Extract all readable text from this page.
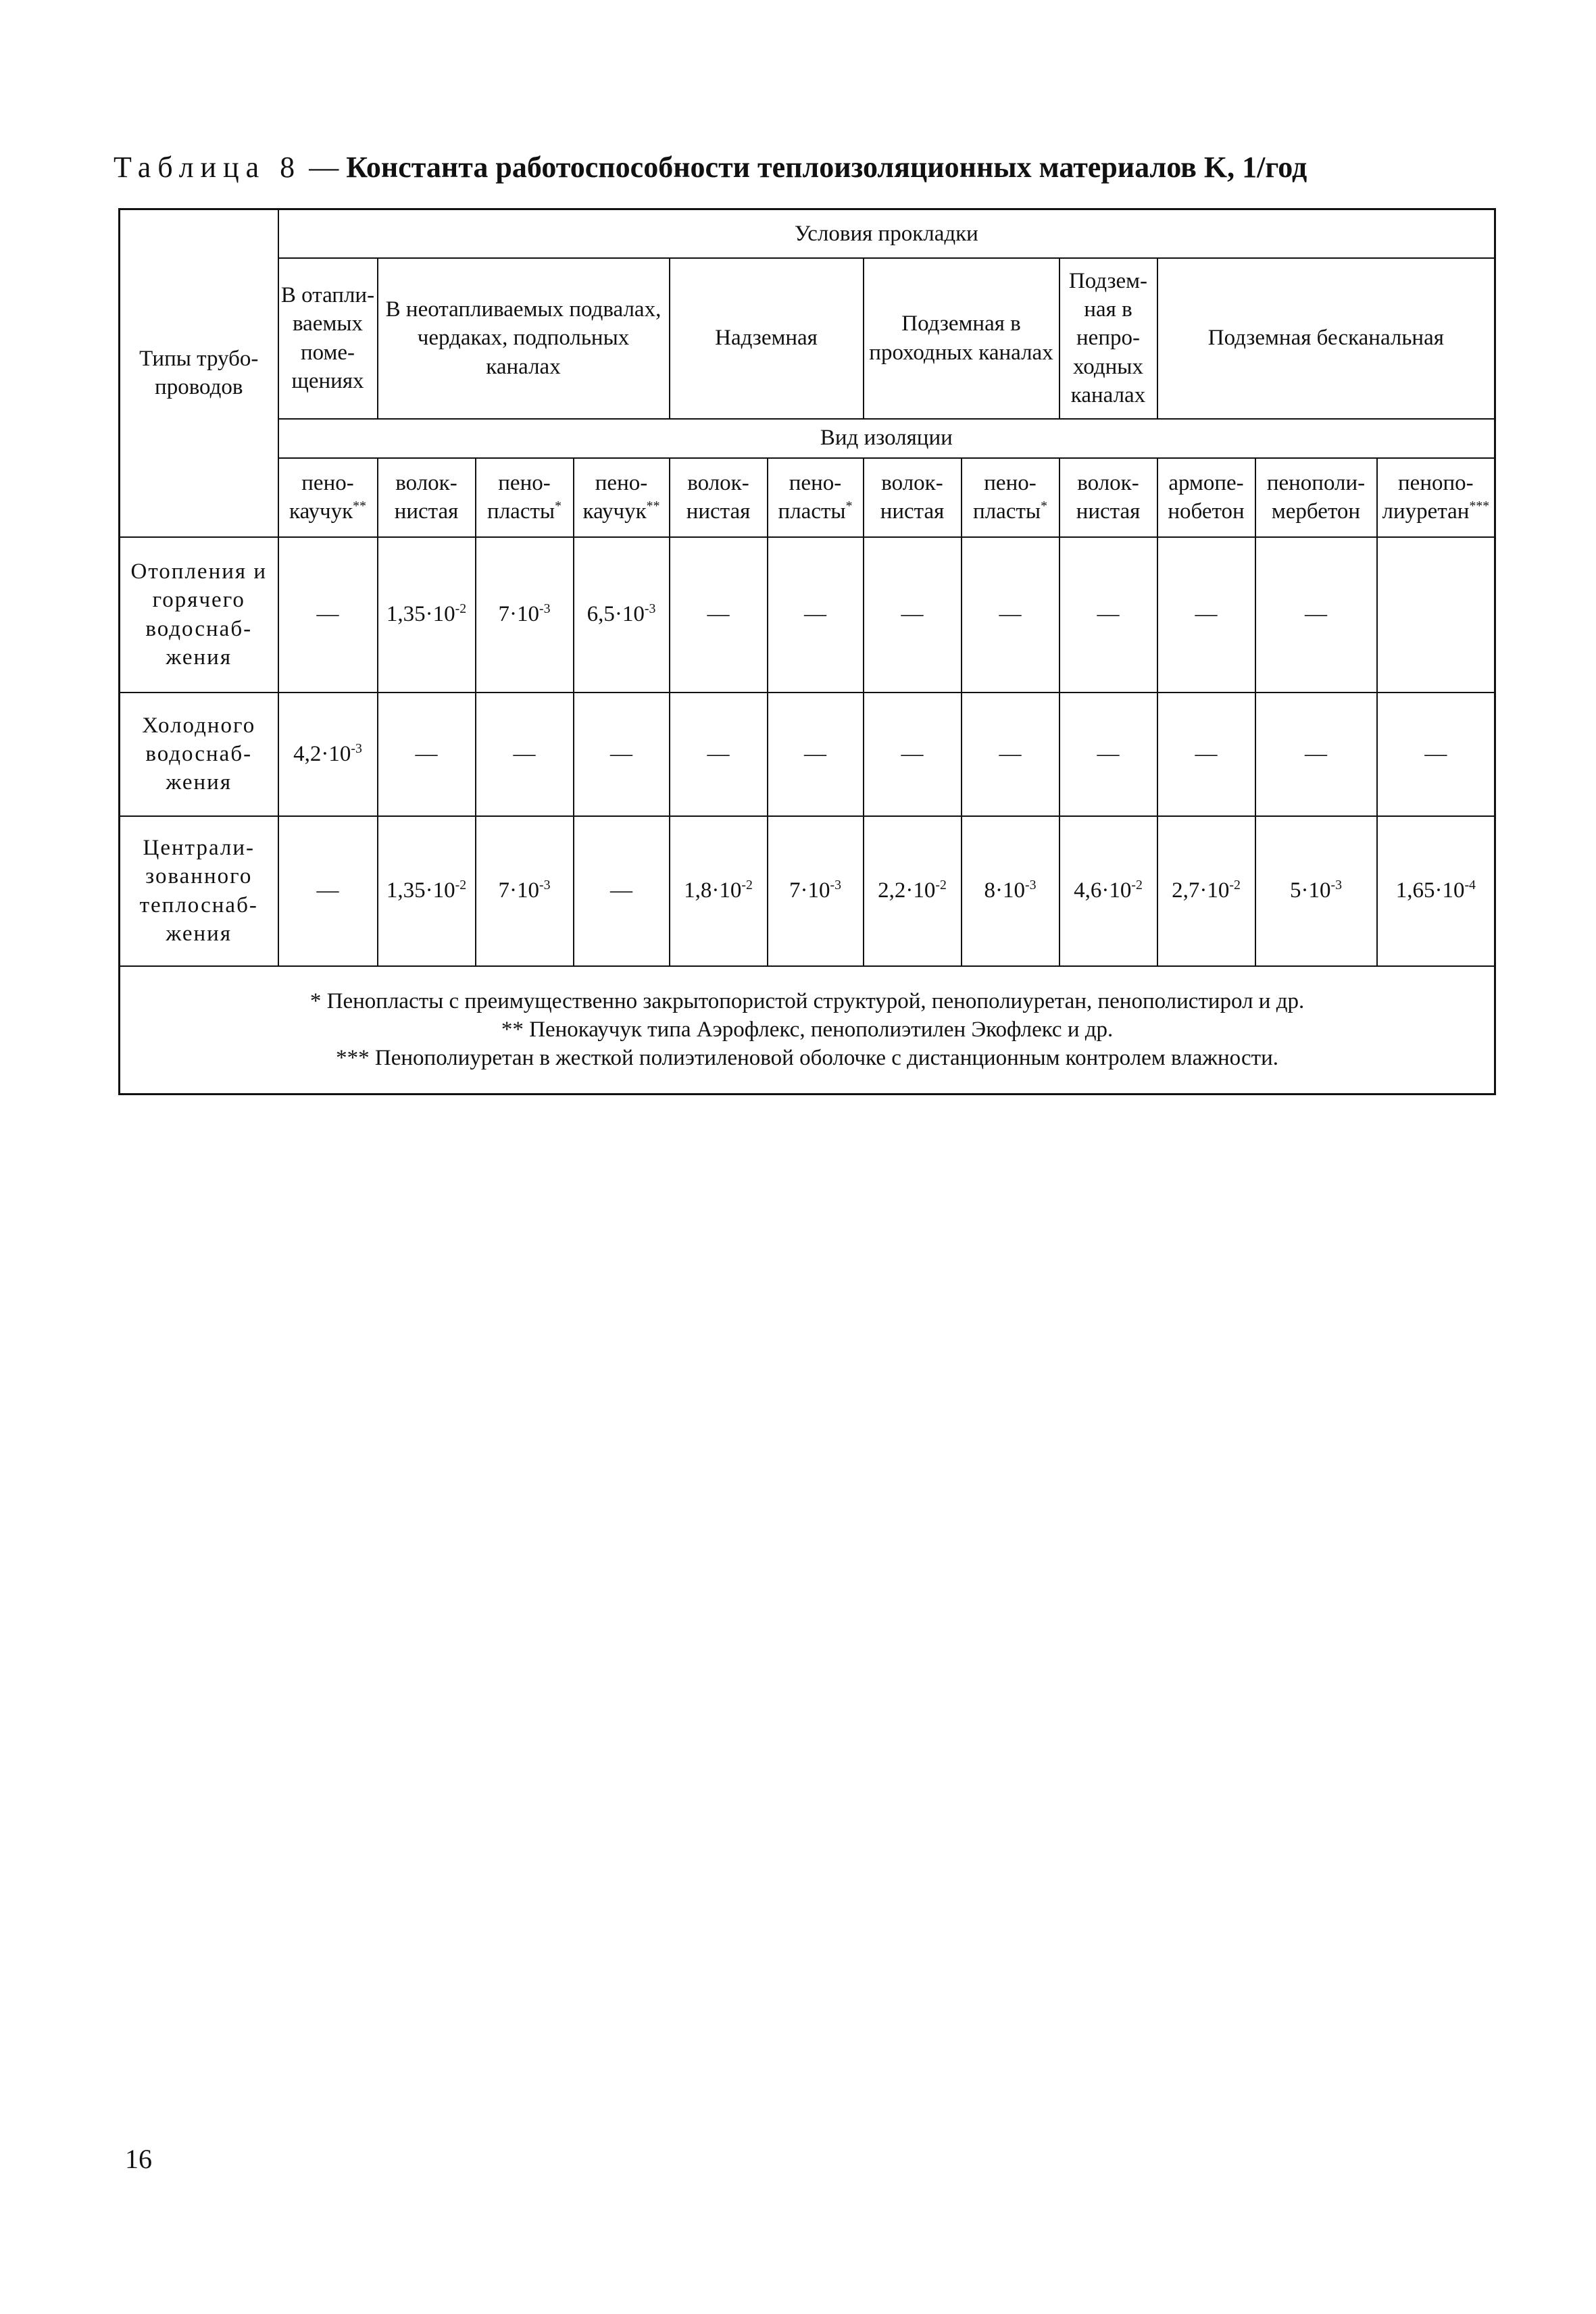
Таблица 8 — Константа работоспособности теплоизоляционных материалов K, 1/год
Типы трубо-проводов	Условия прокладки											
	В отапли-ваемых поме-щениях	В неотапливаемых подвалах, чердаках, подпольных каналах			Надземная		Подземная в проходных каналах		Подзем-ная в непро-ходных каналах	Подземная бесканальная		
	Вид изоляции											
	пено-каучук**	волок-нистая	пено-пласты*	пено-каучук**	волок-нистая	пено-пласты*	волок-нистая	пено-пласты*	волок-нистая	армопе-нобетон	пенополи-мербетон	пенопо-лиуретан***
Отопления и горячего водоснаб-жения	—	$1,35\cdot 10^{-2}$	$7\cdot 10^{-3}$	$6,5\cdot 10^{-3}$	—	—	—	—	—	—	—	
Холодного водоснаб-жения	$4,2\cdot 10^{-3}$	—	—	—	—	—	—	—	—	—	—	—
Централи-зованного теплоснаб-жения	—	$1,35\cdot 10^{-2}$	$7\cdot 10^{-3}$	—	$1,8\cdot 10^{-2}$	$7\cdot 10^{-3}$	$2,2\cdot 10^{-2}$	$8\cdot 10^{-3}$	$4,6\cdot 10^{-2}$	$2,7\cdot 10^{-2}$	$5\cdot 10^{-3}$	$1,65\cdot 10^{-4}$

* Пенопласты с преимущественно закрытопористой структурой, пенополиуретан, пенополистирол и др.
** Пенокаучук типа Аэрофлекс, пенополиэтилен Экофлекс и др.
*** Пенополиуретан в жесткой полиэтиленовой оболочке с дистанционным контролем влажности.												
16
